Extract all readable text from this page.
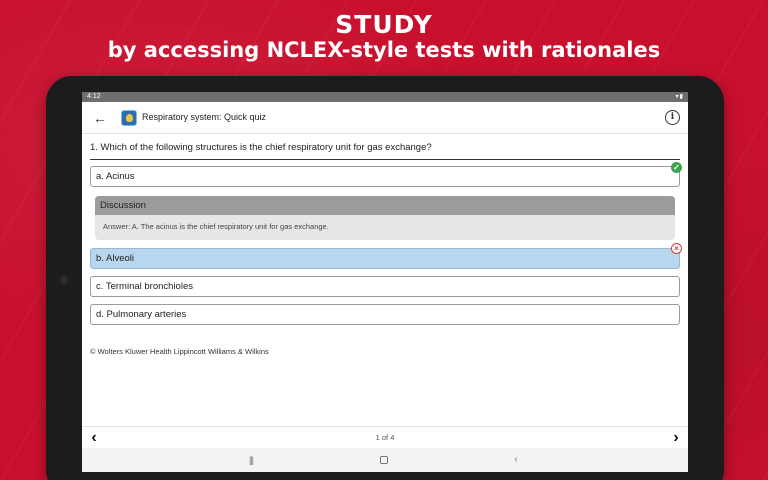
STUDY
by accessing NCLEX-style tests with rationales
4:12	▾▮
←	Respiratory system: Quick quiz	i
1. Which of the following structures is the chief respiratory unit for gas exchange?
a. Acinus
✓
Discussion
Answer: A. The acinus is the chief respiratory unit for gas exchange.
b. Alveoli
×
c. Terminal bronchioles
d. Pulmonary arteries
© Wolters Kluwer Health Lippincott Williams & Wilkins
‹	1 of 4	›
|||	‹
